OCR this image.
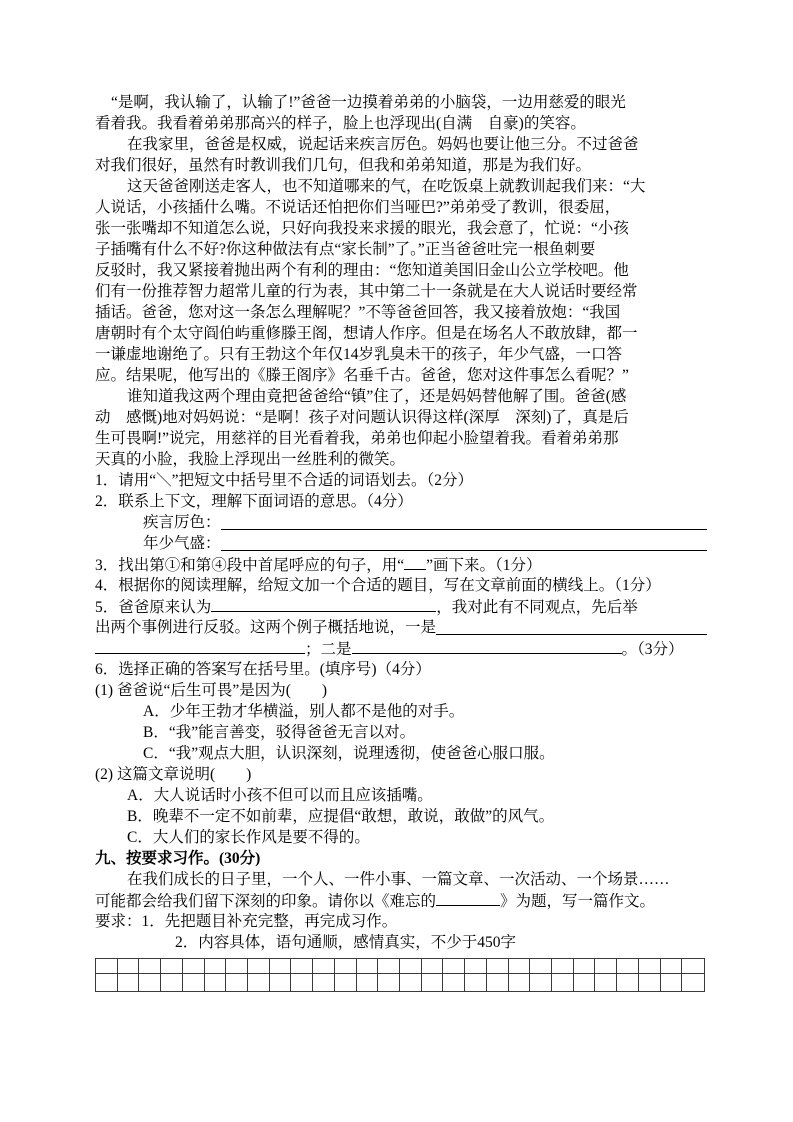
“是啊，我认输了，认输了!”爸爸一边摸着弟弟的小脑袋，一边用慈爱的眼光
看着我。我看着弟弟那高兴的样子，脸上也浮现出(自满　自豪)的笑容。
在我家里，爸爸是权威，说起话来疾言厉色。妈妈也要让他三分。不过爸爸
对我们很好，虽然有时教训我们几句，但我和弟弟知道，那是为我们好。
这天爸爸刚送走客人，也不知道哪来的气，在吃饭桌上就教训起我们来：“大
人说话，小孩插什么嘴。不说话还怕把你们当哑巴?”弟弟受了教训，很委屈，
张一张嘴却不知道怎么说，只好向我投来求援的眼光，我会意了，忙说：“小孩
子插嘴有什么不好?你这种做法有点“家长制”了。”正当爸爸吐完一根鱼刺要
反驳时，我又紧接着抛出两个有利的理由：“您知道美国旧金山公立学校吧。他
们有一份推荐智力超常儿童的行为表，其中第二十一条就是在大人说话时要经常
插话。爸爸，您对这一条怎么理解呢？”不等爸爸回答，我又接着放炮：“我国
唐朝时有个太守阎伯屿重修滕王阁，想请人作序。但是在场名人不敢放肆，都一
一谦虚地谢绝了。只有王勃这个年仅14岁乳臭未干的孩子，年少气盛，一口答
应。结果呢，他写出的《滕王阁序》名垂千古。爸爸，您对这件事怎么看呢？”
谁知道我这两个理由竟把爸爸给“镇”住了，还是妈妈替他解了围。爸爸(感
动　感慨)地对妈妈说：“是啊！孩子对问题认识得这样(深厚　深刻)了，真是后
生可畏啊!”说完，用慈祥的目光看着我，弟弟也仰起小脸望着我。看着弟弟那
天真的小脸，我脸上浮现出一丝胜利的微笑。
1．请用“＼”把短文中括号里不合适的词语划去。（2分）
2．联系上下文，理解下面词语的意思。（4分）
疾言厉色：
年少气盛：
3．找出第①和第④段中首尾呼应的句子，用“ ”画下来。（1分）
4．根据你的阅读理解，给短文加一个合适的题目，写在文章前面的横线上。（1分）
5．爸爸原来认为	，我对此有不同观点，先后举
出两个事例进行反驳。这两个例子概括地说，一是
；二是	。（3分）
6．选择正确的答案写在括号里。(填序号)（4分）
(1) 爸爸说“后生可畏”是因为(　　)
A．少年王勃才华横溢，别人都不是他的对手。
B．“我”能言善变，驳得爸爸无言以对。
C．“我”观点大胆，认识深刻，说理透彻，使爸爸心服口服。
(2) 这篇文章说明(　　)
A．大人说话时小孩不但可以而且应该插嘴。
B．晚辈不一定不如前辈，应提倡“敢想，敢说，敢做”的风气。
C．大人们的家长作风是要不得的。
九、按要求习作。(30分)
在我们成长的日子里，一个人、一件小事、一篇文章、一次活动、一个场景……
可能都会给我们留下深刻的印象。请你以《难忘的	》为题，写一篇作文。
要求：1．先把题目补充完整，再完成习作。
2．内容具体，语句通顺，感情真实，不少于450字
